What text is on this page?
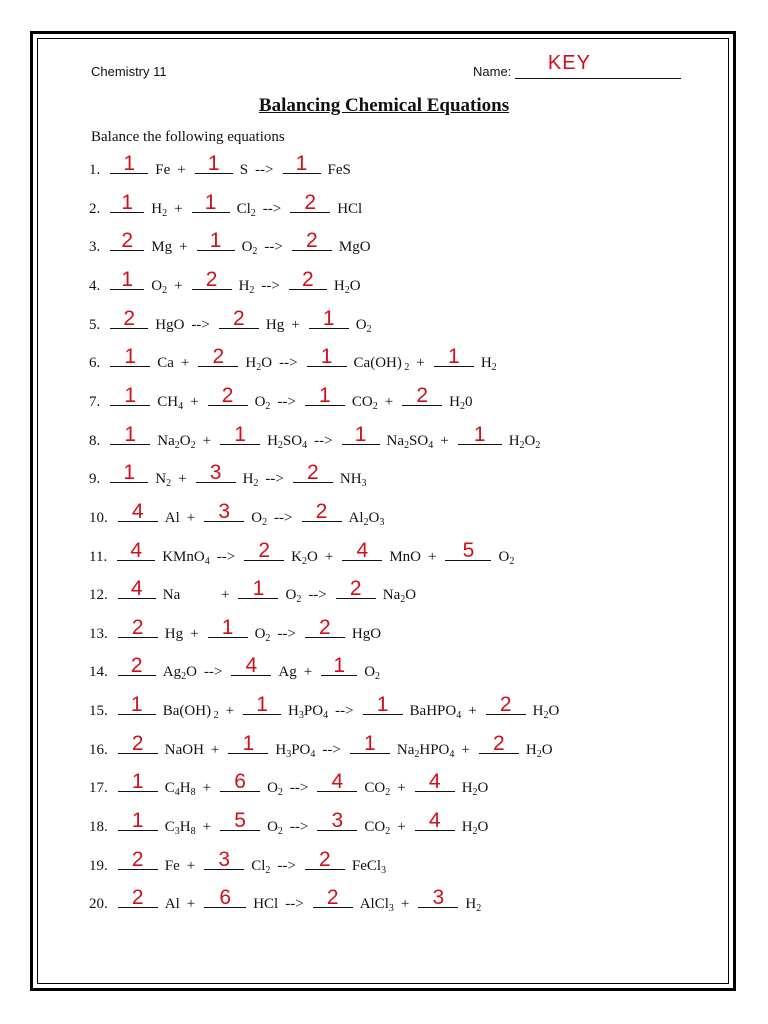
Chemistry 11	Name: KEY
Balancing Chemical Equations
Balance the following equations
1.	1	Fe +	1	S -->	1	FeS
2.	1	$H_2$ +	1	$Cl_2$ -->	2	HCl
3.	2	Mg +	1	$O_2$ -->	2	MgO
4.	1	$O_2$ +	2	$H_2$ -->	2	$H_2O$
5.	2	HgO -->	2	Hg +	1	$O_2$
6.	1	Ca +	2	$H_2O$ -->	1	Ca(OH) $_2$ +	1	$H_2$
7.	1	$CH_4$ +	2	$O_2$ -->	1	$CO_2$ +	2	$H_20$
8.	1	$Na_2O_2$ +	1	$H_2SO_4$ -->	1	$Na_2SO_4$ +	1	$H_2O_2$
9.	1	$N_2$ +	3	$H_2$ -->	2	$NH_3$
10.	4	Al +	3	$O_2$ -->	2	$Al_2O_3$
11.	4	KMnO$_4$ -->	2	$K_2O$ +	4	MnO +	5	$O_2$
12.	4	Na         +	1	$O_2$ -->	2	$Na_2O$
13.	2	Hg +	1	$O_2$ -->	2	HgO
14.	2	$Ag_2O$ -->	4	Ag +	1	$O_2$
15.	1	Ba(OH) $_2$ +	1	$H_3PO_4$ -->	1	BaHPO$_4$ +	2	$H_2O$
16.	2	NaOH +	1	$H_3PO_4$ -->	1	$Na_2HPO_4$ +	2	$H_2O$
17.	1	$C_4H_8$ +	6	$O_2$ -->	4	$CO_2$ +	4	$H_2O$
18.	1	$C_3H_8$ +	5	$O_2$ -->	3	$CO_2$ +	4	$H_2O$
19.	2	Fe +	3	$Cl_2$ -->	2	FeCl$_3$
20.	2	Al +	6	HCl -->	2	AlCl$_3$ +	3	$H_2$
